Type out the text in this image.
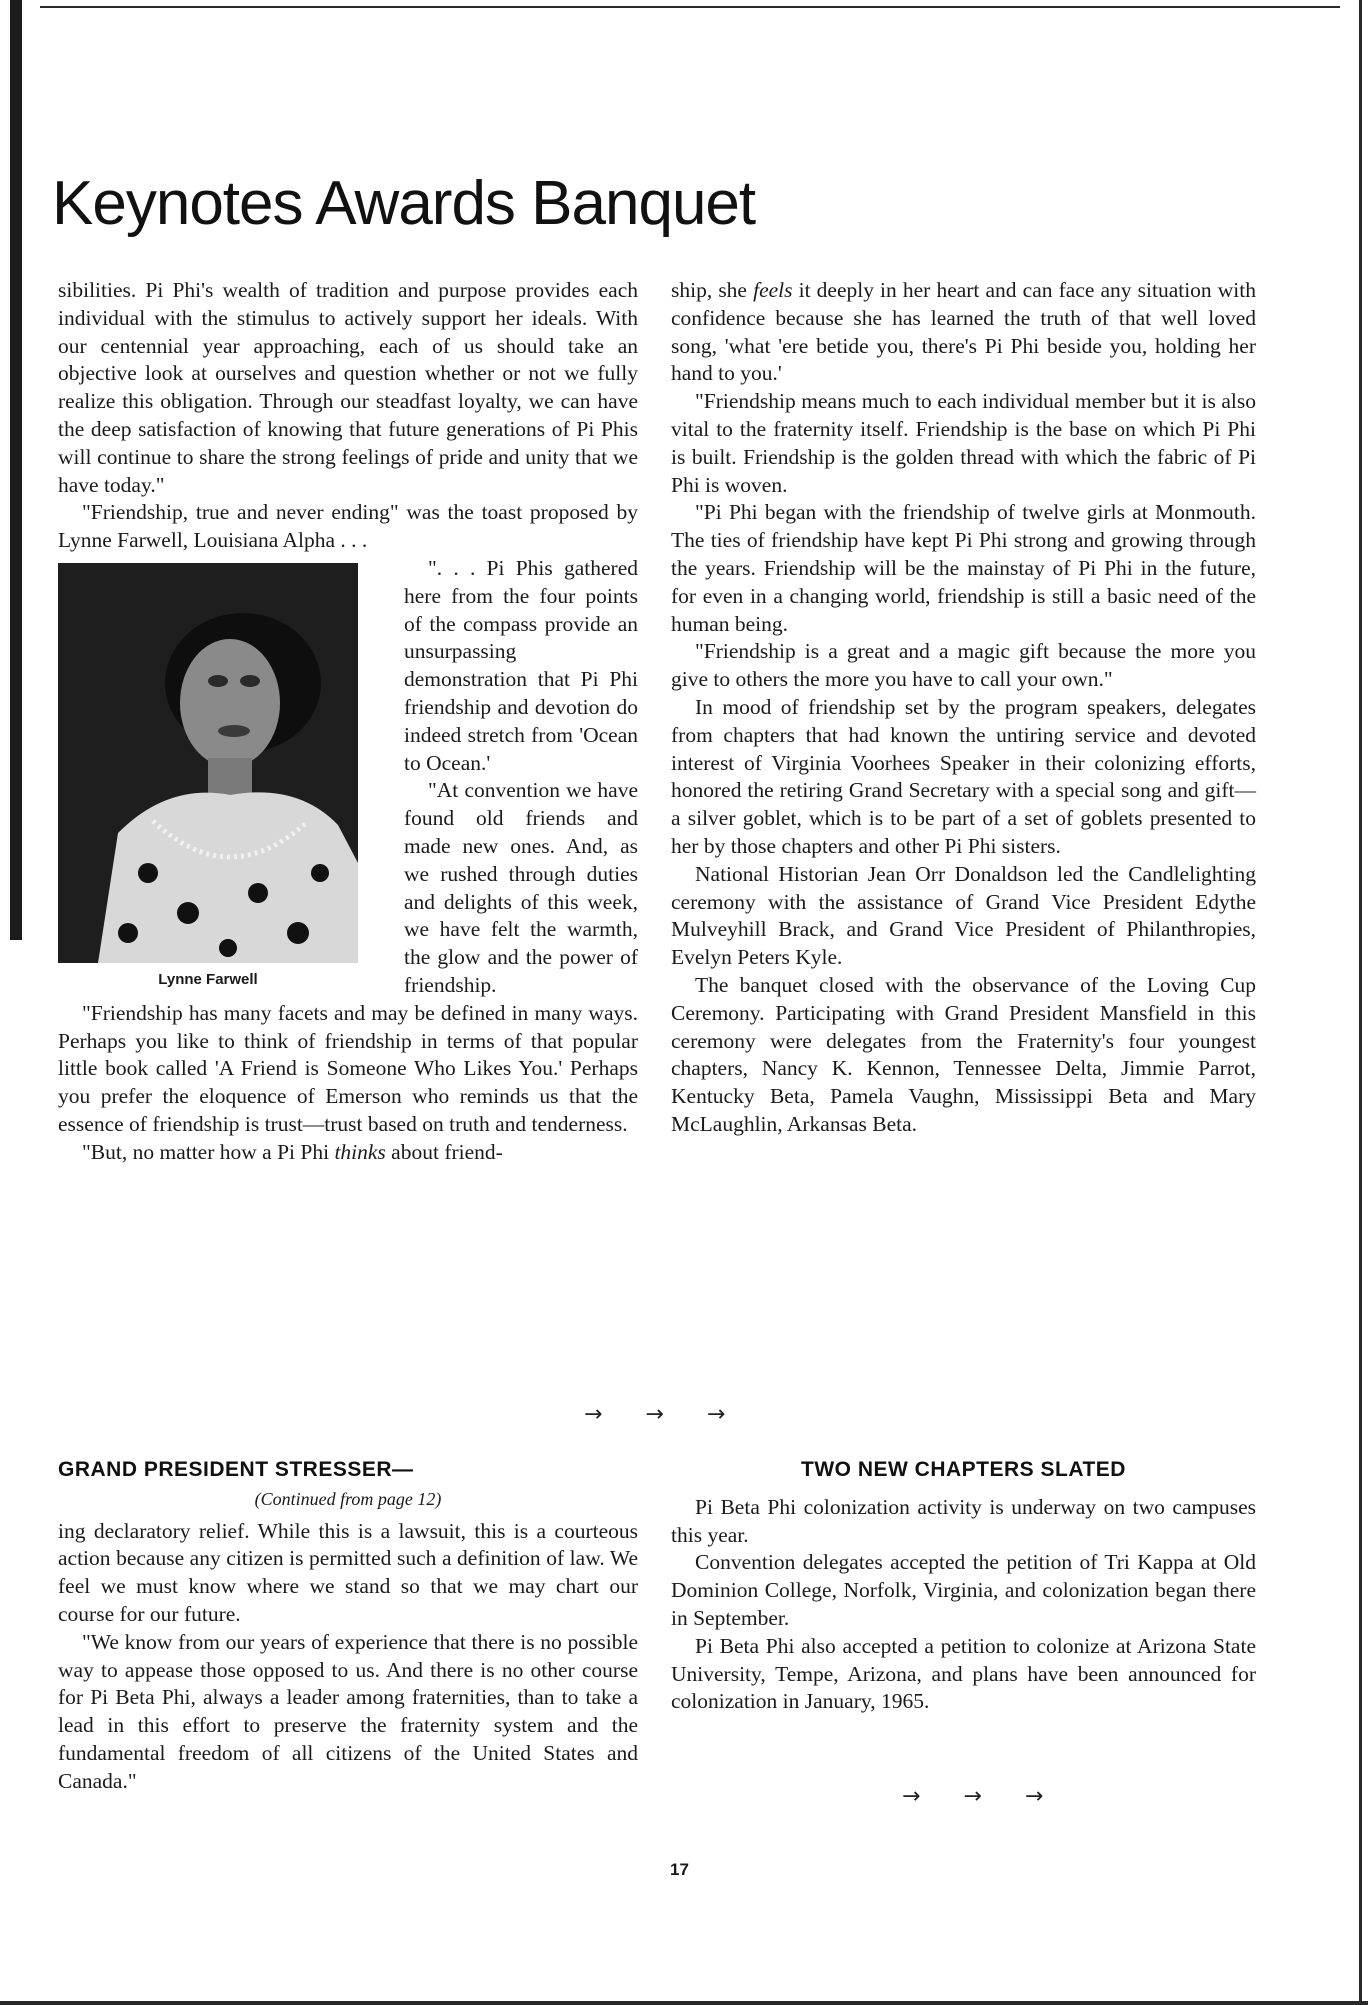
Keynotes Awards Banquet

sibilities. Pi Phi's wealth of tradition and purpose provides each individual with the stimulus to actively support her ideals. With our centennial year approaching, each of us should take an objective look at ourselves and question whether or not we fully realize this obligation. Through our steadfast loyalty, we can have the deep satisfaction of knowing that future generations of Pi Phis will continue to share the strong feelings of pride and unity that we have today."

"Friendship, true and never ending" was the toast proposed by Lynne Farwell, Louisiana Alpha . . .

Lynne Farwell

". . . Pi Phis gathered here from the four points of the compass provide an unsurpassing demonstration that Pi Phi friendship and devotion do indeed stretch from 'Ocean to Ocean.'

"At convention we have found old friends and made new ones. And, as we rushed through duties and delights of this week, we have felt the warmth, the glow and the power of friendship.

"Friendship has many facets and may be defined in many ways. Perhaps you like to think of friendship in terms of that popular little book called 'A Friend is Someone Who Likes You.' Perhaps you prefer the eloquence of Emerson who reminds us that the essence of friendship is trust—trust based on truth and tenderness.

"But, no matter how a Pi Phi thinks about friend-

ship, she feels it deeply in her heart and can face any situation with confidence because she has learned the truth of that well loved song, 'what 'ere betide you, there's Pi Phi beside you, holding her hand to you.'

"Friendship means much to each individual member but it is also vital to the fraternity itself. Friendship is the base on which Pi Phi is built. Friendship is the golden thread with which the fabric of Pi Phi is woven.

"Pi Phi began with the friendship of twelve girls at Monmouth. The ties of friendship have kept Pi Phi strong and growing through the years. Friendship will be the mainstay of Pi Phi in the future, for even in a changing world, friendship is still a basic need of the human being.

"Friendship is a great and a magic gift because the more you give to others the more you have to call your own."

In mood of friendship set by the program speakers, delegates from chapters that had known the untiring service and devoted interest of Virginia Voorhees Speaker in their colonizing efforts, honored the retiring Grand Secretary with a special song and gift—a silver goblet, which is to be part of a set of goblets presented to her by those chapters and other Pi Phi sisters.

National Historian Jean Orr Donaldson led the Candlelighting ceremony with the assistance of Grand Vice President Edythe Mulveyhill Brack, and Grand Vice President of Philanthropies, Evelyn Peters Kyle.

The banquet closed with the observance of the Loving Cup Ceremony. Participating with Grand President Mansfield in this ceremony were delegates from the Fraternity's four youngest chapters, Nancy K. Kennon, Tennessee Delta, Jimmie Parrot, Kentucky Beta, Pamela Vaughn, Mississippi Beta and Mary McLaughlin, Arkansas Beta.

→ → →

GRAND PRESIDENT STRESSER—

(Continued from page 12)

ing declaratory relief. While this is a lawsuit, this is a courteous action because any citizen is permitted such a definition of law. We feel we must know where we stand so that we may chart our course for our future.

"We know from our years of experience that there is no possible way to appease those opposed to us. And there is no other course for Pi Beta Phi, always a leader among fraternities, than to take a lead in this effort to preserve the fraternity system and the fundamental freedom of all citizens of the United States and Canada."

TWO NEW CHAPTERS SLATED

Pi Beta Phi colonization activity is underway on two campuses this year.

Convention delegates accepted the petition of Tri Kappa at Old Dominion College, Norfolk, Virginia, and colonization began there in September.

Pi Beta Phi also accepted a petition to colonize at Arizona State University, Tempe, Arizona, and plans have been announced for colonization in January, 1965.

→ → →
17
